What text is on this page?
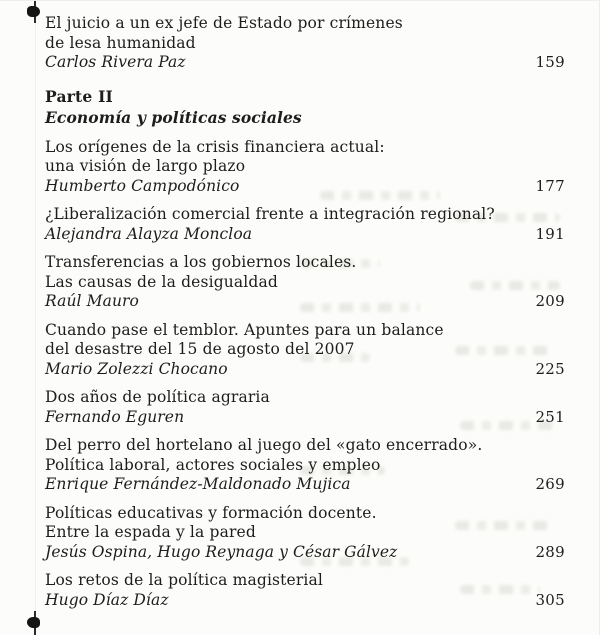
El juicio a un ex jefe de Estado por crímenes
de lesa humanidad
Carlos Rivera Paz	159
Parte II
Economía y políticas sociales
Los orígenes de la crisis financiera actual:
una visión de largo plazo
Humberto Campodónico	177
¿Liberalización comercial frente a integración regional?
Alejandra Alayza Moncloa	191
Transferencias a los gobiernos locales.
Las causas de la desigualdad
Raúl Mauro	209
Cuando pase el temblor. Apuntes para un balance
del desastre del 15 de agosto del 2007
Mario Zolezzi Chocano	225
Dos años de política agraria
Fernando Eguren	251
Del perro del hortelano al juego del «gato encerrado».
Política laboral, actores sociales y empleo
Enrique Fernández-Maldonado Mujica	269
Políticas educativas y formación docente.
Entre la espada y la pared
Jesús Ospina, Hugo Reynaga y César Gálvez	289
Los retos de la política magisterial
Hugo Díaz Díaz	305
